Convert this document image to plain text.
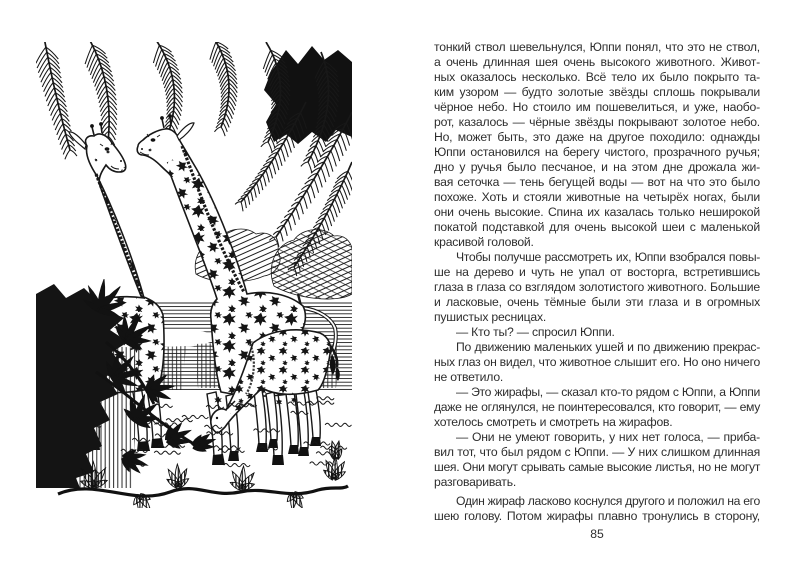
тонкий ствол шевельнулся, Юппи понял, что это не ствол,
а очень длинная шея очень высокого животного. Живот-
ных оказалось несколько. Всё тело их было покрыто та-
ким узором — будто золотые звёзды сплошь покрывали
чёрное небо. Но стоило им пошевелиться, и уже, наобо-
рот, казалось — чёрные звёзды покрывают золотое небо.
Но, может быть, это даже на другое походило: однажды
Юппи остановился на берегу чистого, прозрачного ручья;
дно у ручья было песчаное, и на этом дне дрожала жи-
вая сеточка — тень бегущей воды — вот на что это было
похоже. Хоть и стояли животные на четырёх ногах, были
они очень высокие. Спина их казалась только неширокой
покатой подставкой для очень высокой шеи с маленькой
красивой головой.
Чтобы получше рассмотреть их, Юппи взобрался повы-
ше на дерево и чуть не упал от восторга, встретившись
глаза в глаза со взглядом золотистого животного. Большие
и ласковые, очень тёмные были эти глаза и в огромных
пушистых ресницах.
— Кто ты? — спросил Юппи.
По движению маленьких ушей и по движению прекрас-
ных глаз он видел, что животное слышит его. Но оно ничего
не ответило.
— Это жирафы, — сказал кто-то рядом с Юппи, а Юппи
даже не оглянулся, не поинтересовался, кто говорит, — ему
хотелось смотреть и смотреть на жирафов.
— Они не умеют говорить, у них нет голоса, — приба-
вил тот, что был рядом с Юппи. — У них слишком длинная
шея. Они могут срывать самые высокие листья, но не могут
разговаривать.
Один жираф ласково коснулся другого и положил на его
шею голову. Потом жирафы плавно тронулись в сторону,
85
